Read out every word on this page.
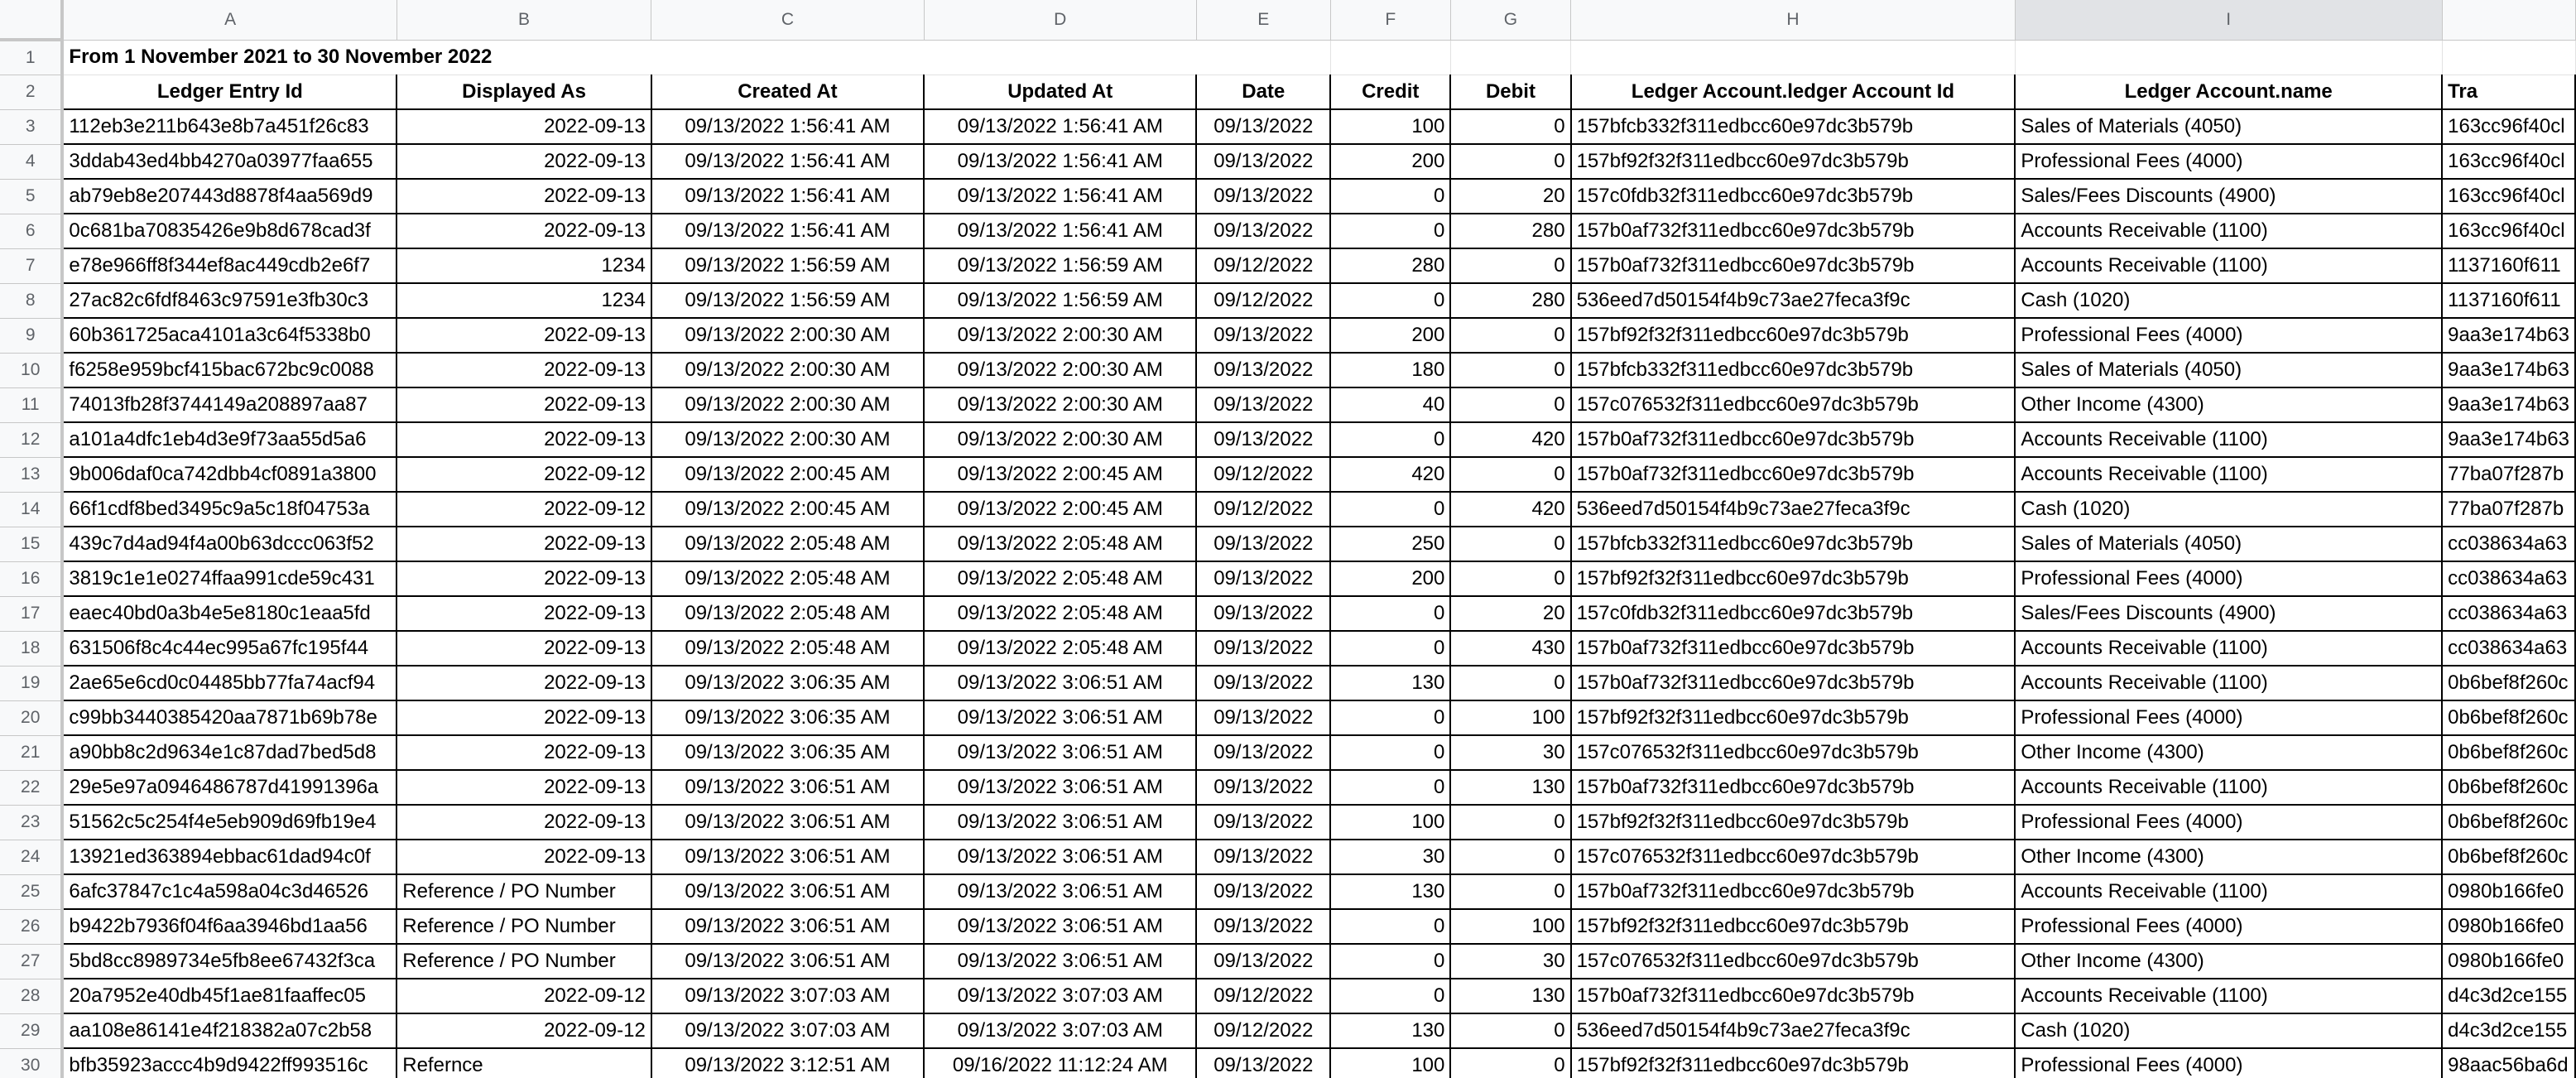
	A	B	C	D	E	F	G	H	I	
1	From 1 November 2021 to 30 November 2022									
2	Ledger Entry Id	Displayed As	Created At	Updated At	Date	Credit	Debit	Ledger Account.ledger Account Id	Ledger Account.name	Tra
3	112eb3e211b643e8b7a451f26c83	2022-09-13	09/13/2022 1:56:41 AM	09/13/2022 1:56:41 AM	09/13/2022	100	0	157bfcb332f311edbcc60e97dc3b579b	Sales of Materials (4050)	163cc96f40cl
4	3ddab43ed4bb4270a03977faa655	2022-09-13	09/13/2022 1:56:41 AM	09/13/2022 1:56:41 AM	09/13/2022	200	0	157bf92f32f311edbcc60e97dc3b579b	Professional Fees (4000)	163cc96f40cl
5	ab79eb8e207443d8878f4aa569d9	2022-09-13	09/13/2022 1:56:41 AM	09/13/2022 1:56:41 AM	09/13/2022	0	20	157c0fdb32f311edbcc60e97dc3b579b	Sales/Fees Discounts (4900)	163cc96f40cl
6	0c681ba70835426e9b8d678cad3f	2022-09-13	09/13/2022 1:56:41 AM	09/13/2022 1:56:41 AM	09/13/2022	0	280	157b0af732f311edbcc60e97dc3b579b	Accounts Receivable (1100)	163cc96f40cl
7	e78e966ff8f344ef8ac449cdb2e6f7	1234	09/13/2022 1:56:59 AM	09/13/2022 1:56:59 AM	09/12/2022	280	0	157b0af732f311edbcc60e97dc3b579b	Accounts Receivable (1100)	1137160f611
8	27ac82c6fdf8463c97591e3fb30c3	1234	09/13/2022 1:56:59 AM	09/13/2022 1:56:59 AM	09/12/2022	0	280	536eed7d50154f4b9c73ae27feca3f9c	Cash (1020)	1137160f611
9	60b361725aca4101a3c64f5338b0	2022-09-13	09/13/2022 2:00:30 AM	09/13/2022 2:00:30 AM	09/13/2022	200	0	157bf92f32f311edbcc60e97dc3b579b	Professional Fees (4000)	9aa3e174b63
10	f6258e959bcf415bac672bc9c0088	2022-09-13	09/13/2022 2:00:30 AM	09/13/2022 2:00:30 AM	09/13/2022	180	0	157bfcb332f311edbcc60e97dc3b579b	Sales of Materials (4050)	9aa3e174b63
11	74013fb28f3744149a208897aa87	2022-09-13	09/13/2022 2:00:30 AM	09/13/2022 2:00:30 AM	09/13/2022	40	0	157c076532f311edbcc60e97dc3b579b	Other Income (4300)	9aa3e174b63
12	a101a4dfc1eb4d3e9f73aa55d5a6	2022-09-13	09/13/2022 2:00:30 AM	09/13/2022 2:00:30 AM	09/13/2022	0	420	157b0af732f311edbcc60e97dc3b579b	Accounts Receivable (1100)	9aa3e174b63
13	9b006daf0ca742dbb4cf0891a3800	2022-09-12	09/13/2022 2:00:45 AM	09/13/2022 2:00:45 AM	09/12/2022	420	0	157b0af732f311edbcc60e97dc3b579b	Accounts Receivable (1100)	77ba07f287b
14	66f1cdf8bed3495c9a5c18f04753a	2022-09-12	09/13/2022 2:00:45 AM	09/13/2022 2:00:45 AM	09/12/2022	0	420	536eed7d50154f4b9c73ae27feca3f9c	Cash (1020)	77ba07f287b
15	439c7d4ad94f4a00b63dccc063f52	2022-09-13	09/13/2022 2:05:48 AM	09/13/2022 2:05:48 AM	09/13/2022	250	0	157bfcb332f311edbcc60e97dc3b579b	Sales of Materials (4050)	cc038634a63
16	3819c1e1e0274ffaa991cde59c431	2022-09-13	09/13/2022 2:05:48 AM	09/13/2022 2:05:48 AM	09/13/2022	200	0	157bf92f32f311edbcc60e97dc3b579b	Professional Fees (4000)	cc038634a63
17	eaec40bd0a3b4e5e8180c1eaa5fd	2022-09-13	09/13/2022 2:05:48 AM	09/13/2022 2:05:48 AM	09/13/2022	0	20	157c0fdb32f311edbcc60e97dc3b579b	Sales/Fees Discounts (4900)	cc038634a63
18	631506f8c4c44ec995a67fc195f44	2022-09-13	09/13/2022 2:05:48 AM	09/13/2022 2:05:48 AM	09/13/2022	0	430	157b0af732f311edbcc60e97dc3b579b	Accounts Receivable (1100)	cc038634a63
19	2ae65e6cd0c04485bb77fa74acf94	2022-09-13	09/13/2022 3:06:35 AM	09/13/2022 3:06:51 AM	09/13/2022	130	0	157b0af732f311edbcc60e97dc3b579b	Accounts Receivable (1100)	0b6bef8f260c
20	c99bb3440385420aa7871b69b78e	2022-09-13	09/13/2022 3:06:35 AM	09/13/2022 3:06:51 AM	09/13/2022	0	100	157bf92f32f311edbcc60e97dc3b579b	Professional Fees (4000)	0b6bef8f260c
21	a90bb8c2d9634e1c87dad7bed5d8	2022-09-13	09/13/2022 3:06:35 AM	09/13/2022 3:06:51 AM	09/13/2022	0	30	157c076532f311edbcc60e97dc3b579b	Other Income (4300)	0b6bef8f260c
22	29e5e97a0946486787d41991396a	2022-09-13	09/13/2022 3:06:51 AM	09/13/2022 3:06:51 AM	09/13/2022	0	130	157b0af732f311edbcc60e97dc3b579b	Accounts Receivable (1100)	0b6bef8f260c
23	51562c5c254f4e5eb909d69fb19e4	2022-09-13	09/13/2022 3:06:51 AM	09/13/2022 3:06:51 AM	09/13/2022	100	0	157bf92f32f311edbcc60e97dc3b579b	Professional Fees (4000)	0b6bef8f260c
24	13921ed363894ebbac61dad94c0f	2022-09-13	09/13/2022 3:06:51 AM	09/13/2022 3:06:51 AM	09/13/2022	30	0	157c076532f311edbcc60e97dc3b579b	Other Income (4300)	0b6bef8f260c
25	6afc37847c1c4a598a04c3d46526	Reference / PO Number	09/13/2022 3:06:51 AM	09/13/2022 3:06:51 AM	09/13/2022	130	0	157b0af732f311edbcc60e97dc3b579b	Accounts Receivable (1100)	0980b166fe0
26	b9422b7936f04f6aa3946bd1aa56	Reference / PO Number	09/13/2022 3:06:51 AM	09/13/2022 3:06:51 AM	09/13/2022	0	100	157bf92f32f311edbcc60e97dc3b579b	Professional Fees (4000)	0980b166fe0
27	5bd8cc8989734e5fb8ee67432f3ca	Reference / PO Number	09/13/2022 3:06:51 AM	09/13/2022 3:06:51 AM	09/13/2022	0	30	157c076532f311edbcc60e97dc3b579b	Other Income (4300)	0980b166fe0
28	20a7952e40db45f1ae81faaffec05	2022-09-12	09/13/2022 3:07:03 AM	09/13/2022 3:07:03 AM	09/12/2022	0	130	157b0af732f311edbcc60e97dc3b579b	Accounts Receivable (1100)	d4c3d2ce155
29	aa108e86141e4f218382a07c2b58	2022-09-12	09/13/2022 3:07:03 AM	09/13/2022 3:07:03 AM	09/12/2022	130	0	536eed7d50154f4b9c73ae27feca3f9c	Cash (1020)	d4c3d2ce155
30	bfb35923accc4b9d9422ff993516c	Refernce	09/13/2022 3:12:51 AM	09/16/2022 11:12:24 AM	09/13/2022	100	0	157bf92f32f311edbcc60e97dc3b579b	Professional Fees (4000)	98aac56ba6d
